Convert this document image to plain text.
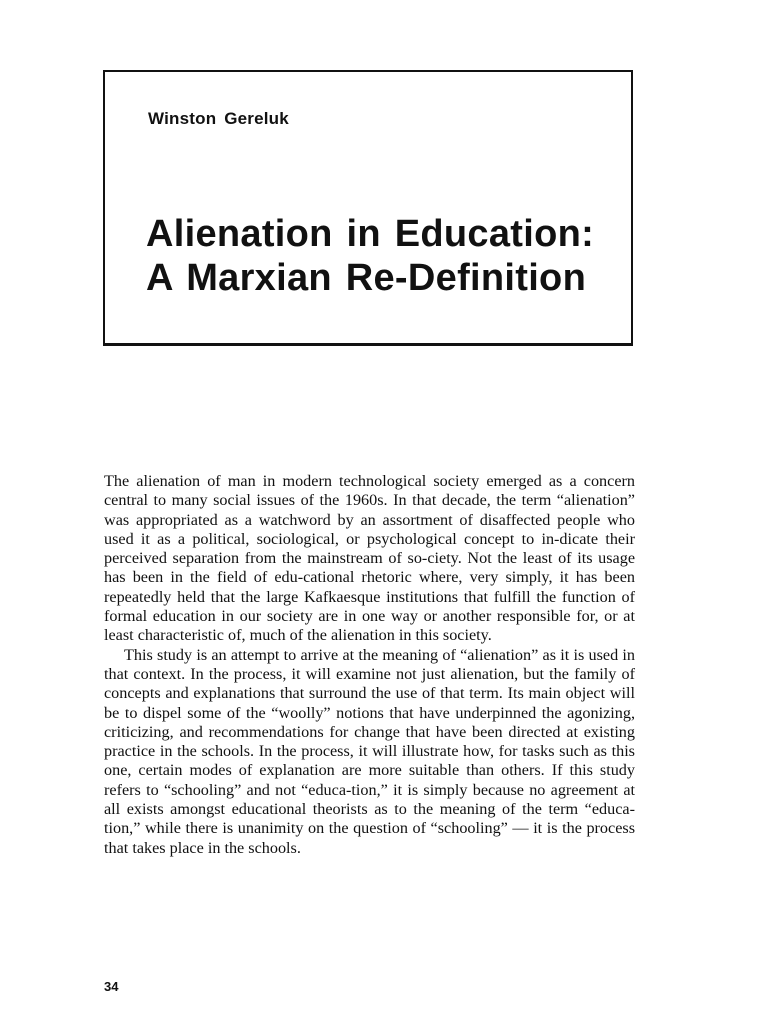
Winston Gereluk

Alienation in Education:
A Marxian Re-Definition

The alienation of man in modern technological society emerged as a concern central to many social issues of the 1960s. In that decade, the term “alienation” was appropriated as a watchword by an assortment of disaffected people who used it as a political, sociological, or psychological concept to in-dicate their perceived separation from the mainstream of so-ciety. Not the least of its usage has been in the field of edu-cational rhetoric where, very simply, it has been repeatedly held that the large Kafkaesque institutions that fulfill the function of formal education in our society are in one way or another responsible for, or at least characteristic of, much of the alienation in this society.

This study is an attempt to arrive at the meaning of “alienation” as it is used in that context. In the process, it will examine not just alienation, but the family of concepts and explanations that surround the use of that term. Its main object will be to dispel some of the “woolly” notions that have underpinned the agonizing, criticizing, and recommendations for change that have been directed at existing practice in the schools. In the process, it will illustrate how, for tasks such as this one, certain modes of explanation are more suitable than others. If this study refers to “schooling” and not “educa-tion,” it is simply because no agreement at all exists amongst educational theorists as to the meaning of the term “educa-tion,” while there is unanimity on the question of “schooling” — it is the process that takes place in the schools.

34
